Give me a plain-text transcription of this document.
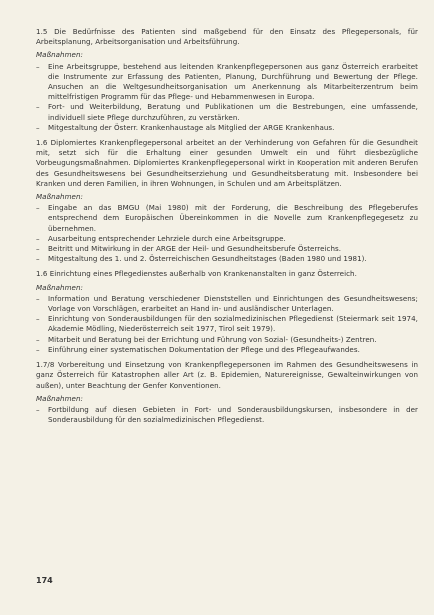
1.5 Die Bedürfnisse des Patienten sind maßgebend für den Einsatz des Pflegepersonals, für Arbeitsplanung, Arbeitsorganisation und Arbeitsführung.

Maßnahmen:

– Eine Arbeitsgruppe, bestehend aus leitenden Krankenpflegepersonen aus ganz Österreich erarbeitet die Instrumente zur Erfassung des Patienten, Planung, Durchführung und Bewertung der Pflege. Ansuchen an die Weltgesundheitsorganisation um Anerkennung als Mitarbeiterzentrum beim mittelfristigen Programm für das Pflege- und Hebammenwesen in Europa.
– Fort- und Weiterbildung, Beratung und Publikationen um die Bestrebungen, eine umfassende, individuell siete Pflege durchzuführen, zu verstärken.
– Mitgestaltung der Österr. Krankenhaustage als Mitglied der ARGE Krankenhaus.

1.6 Diplomiertes Krankenpflegepersonal arbeitet an der Verhinderung von Gefahren für die Gesundheit mit, setzt sich für die Erhaltung einer gesunden Umwelt ein und führt diesbezügliche Vorbeugungsmaßnahmen. Diplomiertes Krankenpflegepersonal wirkt in Kooperation mit anderen Berufen des Gesundheitswesens bei Gesundheitserziehung und Gesundheitsberatung mit. Insbesondere bei Kranken und deren Familien, in ihren Wohnungen, in Schulen und am Arbeitsplätzen.

Maßnahmen:

– Eingabe an das BMGU (Mai 1980) mit der Forderung, die Beschreibung des Pflegeberufes entsprechend dem Europäischen Übereinkommen in die Novelle zum Krankenpflegegesetz zu übernehmen.
– Ausarbeitung entsprechender Lehrziele durch eine Arbeitsgruppe.
– Beitritt und Mitwirkung in der ARGE der Heil- und Gesundheitsberufe Österreichs.
– Mitgestaltung des 1. und 2. Österreichischen Gesundheitstages (Baden 1980 und 1981).

1.6 Einrichtung eines Pflegedienstes außerhalb von Krankenanstalten in ganz Österreich.

Maßnahmen:

– Information und Beratung verschiedener Dienststellen und Einrichtungen des Gesundheitswesens; Vorlage von Vorschlägen, erarbeitet an Hand in- und ausländischer Unterlagen.
– Einrichtung von Sonderausbildungen für den sozialmedizinischen Pflegedienst (Steiermark seit 1974, Akademie Mödling, Niederösterreich seit 1977, Tirol seit 1979).
– Mitarbeit und Beratung bei der Errichtung und Führung von Sozial- (Gesundheits-) Zentren.
– Einführung einer systematischen Dokumentation der Pflege und des Pflegeaufwandes.

1.7/8 Vorbereitung und Einsetzung von Krankenpflegepersonen im Rahmen des Gesundheitswesens in ganz Österreich für Katastrophen aller Art (z. B. Epidemien, Naturereignisse, Gewalteinwirkungen von außen), unter Beachtung der Genfer Konventionen.

Maßnahmen:

– Fortbildung auf diesen Gebieten in Fort- und Sonderausbildungskursen, insbesondere in der Sonderausbildung für den sozialmedizinischen Pflegedienst.
174
